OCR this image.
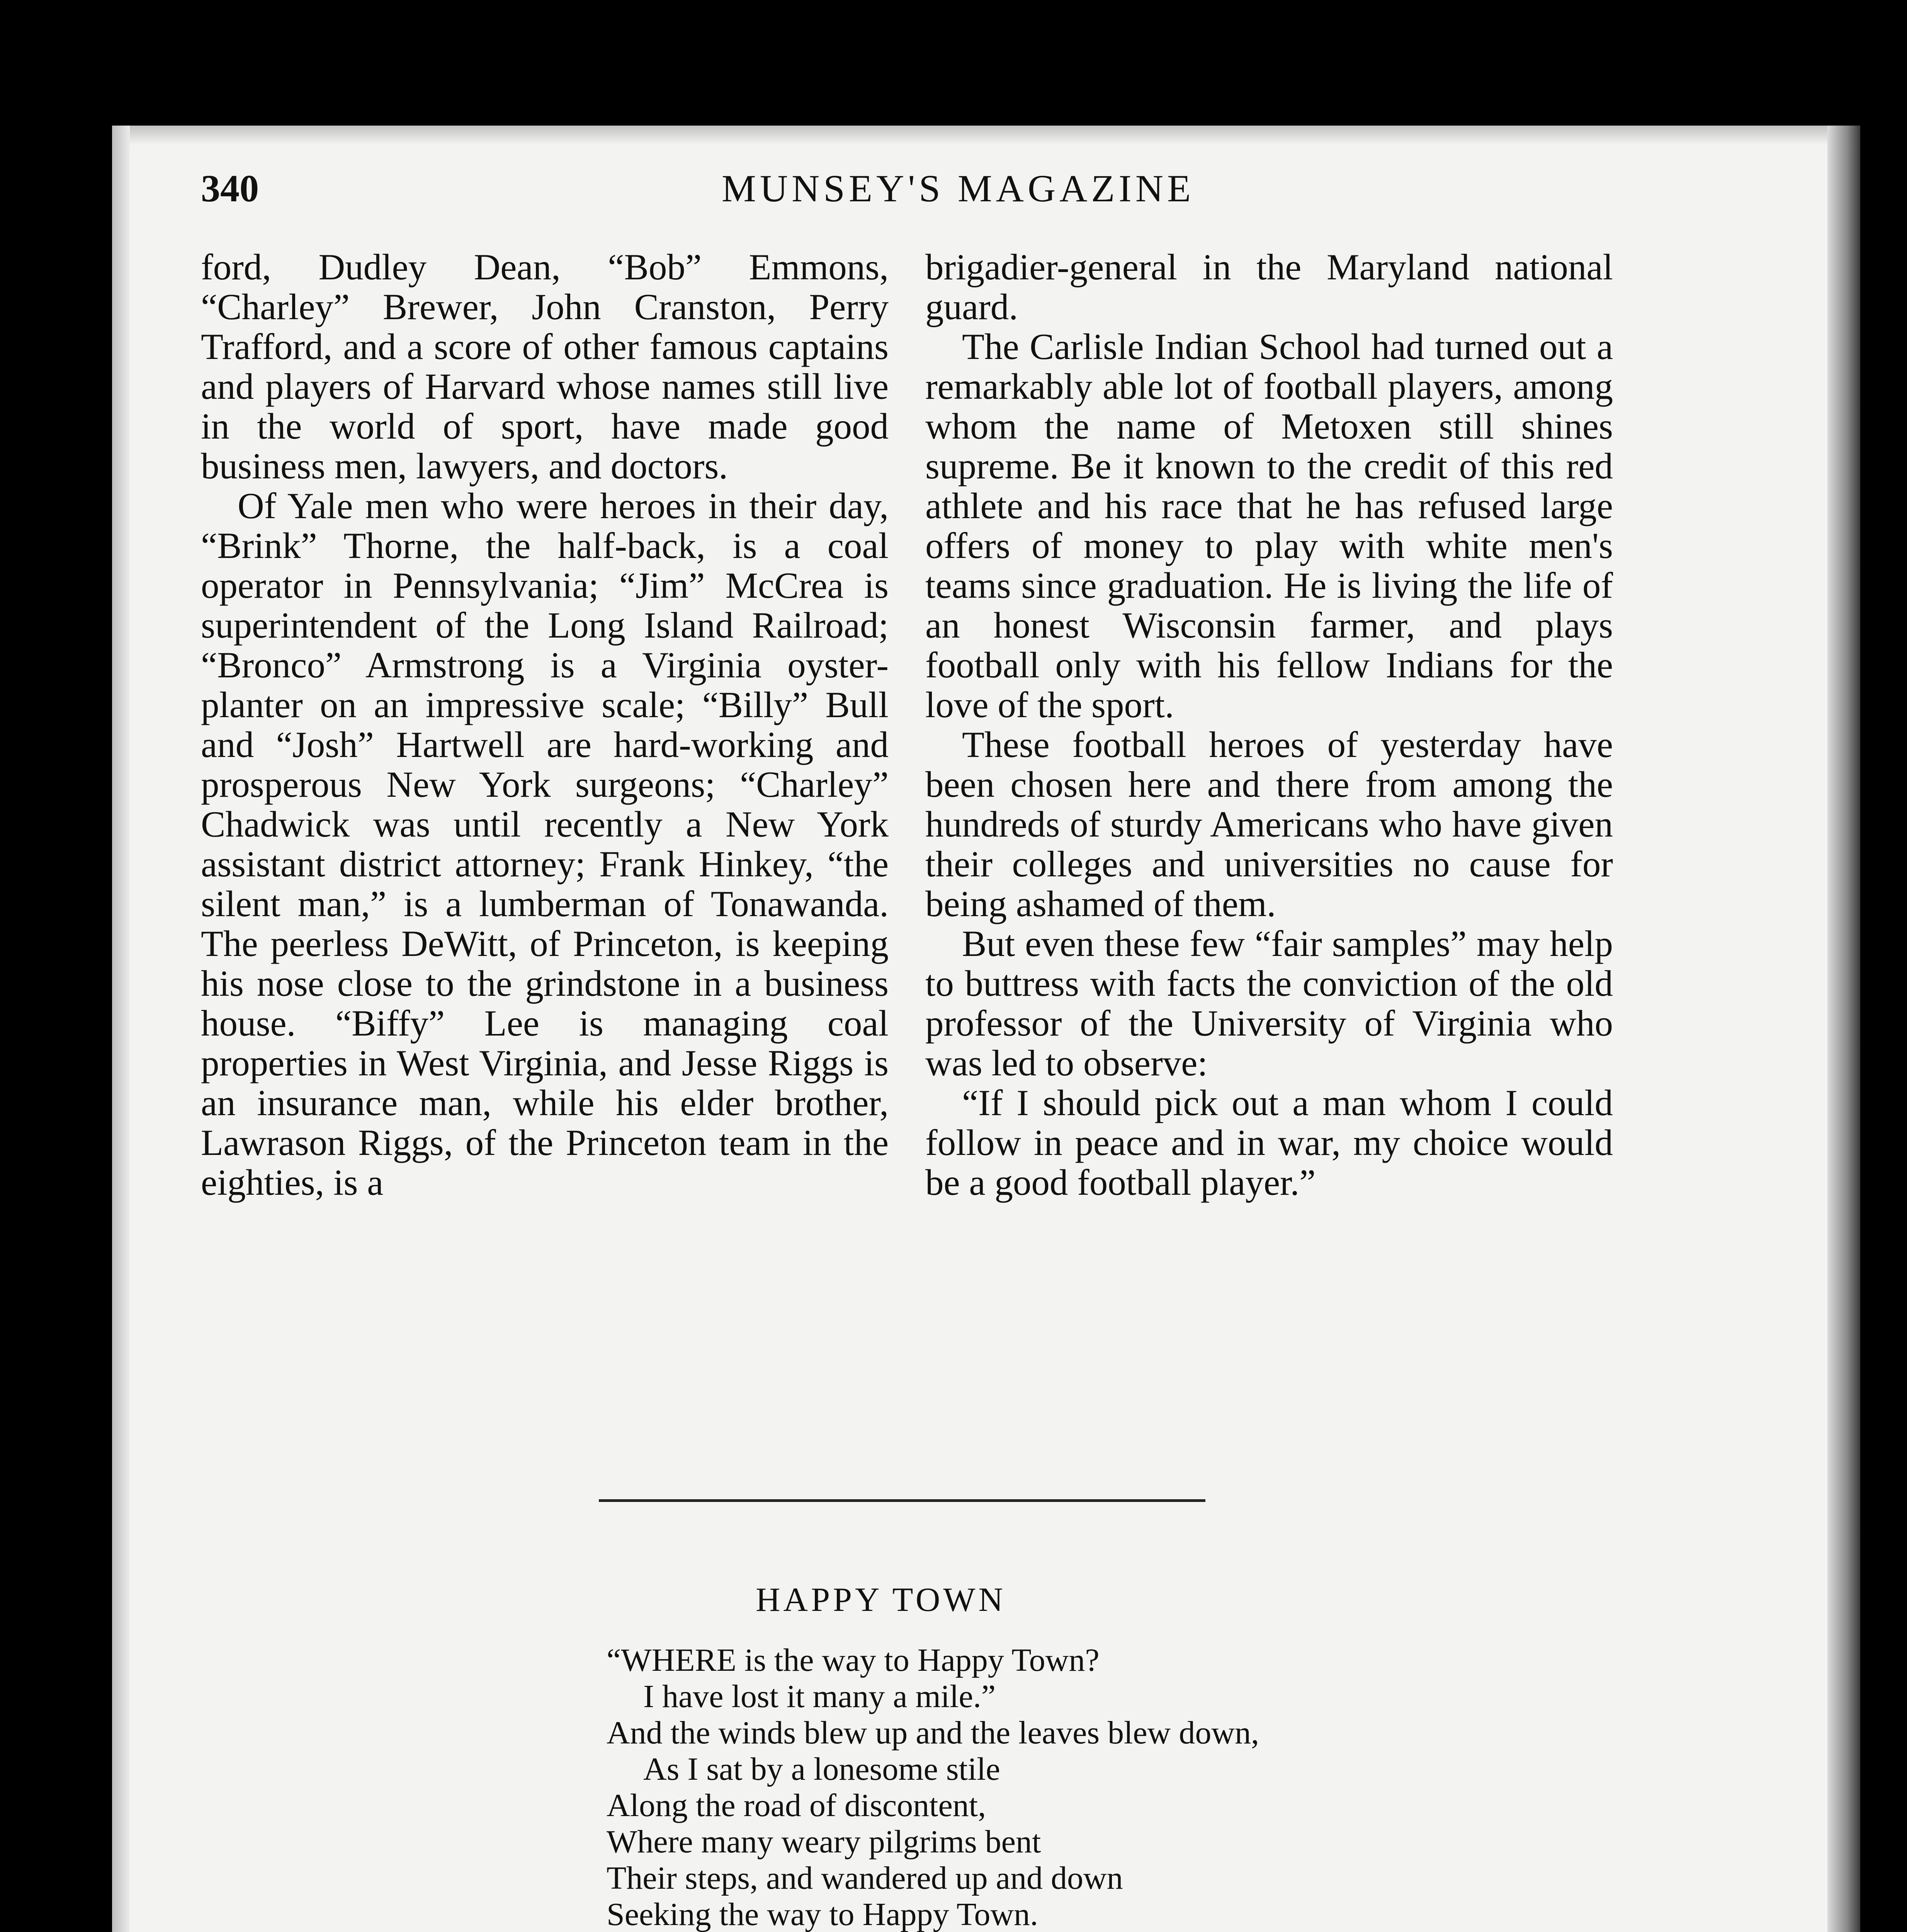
340	MUNSEY'S MAGAZINE

ford, Dudley Dean, “Bob” Emmons, “Charley” Brewer, John Cranston, Perry Trafford, and a score of other famous captains and players of Harvard whose names still live in the world of sport, have made good business men, lawyers, and doctors.

Of Yale men who were heroes in their day, “Brink” Thorne, the half-back, is a coal operator in Pennsylvania; “Jim” McCrea is superintendent of the Long Island Railroad; “Bronco” Armstrong is a Virginia oyster-planter on an impressive scale; “Billy” Bull and “Josh” Hartwell are hard-working and prosperous New York surgeons; “Charley” Chadwick was until recently a New York assistant district attorney; Frank Hinkey, “the silent man,” is a lumberman of Tonawanda. The peerless DeWitt, of Princeton, is keeping his nose close to the grindstone in a business house. “Biffy” Lee is managing coal properties in West Virginia, and Jesse Riggs is an insurance man, while his elder brother, Lawrason Riggs, of the Princeton team in the eighties, is a

brigadier-general in the Maryland national guard.

The Carlisle Indian School had turned out a remarkably able lot of football players, among whom the name of Metoxen still shines supreme. Be it known to the credit of this red athlete and his race that he has refused large offers of money to play with white men's teams since graduation. He is living the life of an honest Wisconsin farmer, and plays football only with his fellow Indians for the love of the sport.

These football heroes of yesterday have been chosen here and there from among the hundreds of sturdy Americans who have given their colleges and universities no cause for being ashamed of them.

But even these few “fair samples” may help to buttress with facts the conviction of the old professor of the University of Virginia who was led to observe:

“If I should pick out a man whom I could follow in peace and in war, my choice would be a good football player.”

HAPPY TOWN
“WHERE is the way to Happy Town?
I have lost it many a mile.”
And the winds blew up and the leaves blew down,
As I sat by a lonesome stile
Along the road of discontent,
Where many weary pilgrims bent
Their steps, and wandered up and down
Seeking the way to Happy Town.
